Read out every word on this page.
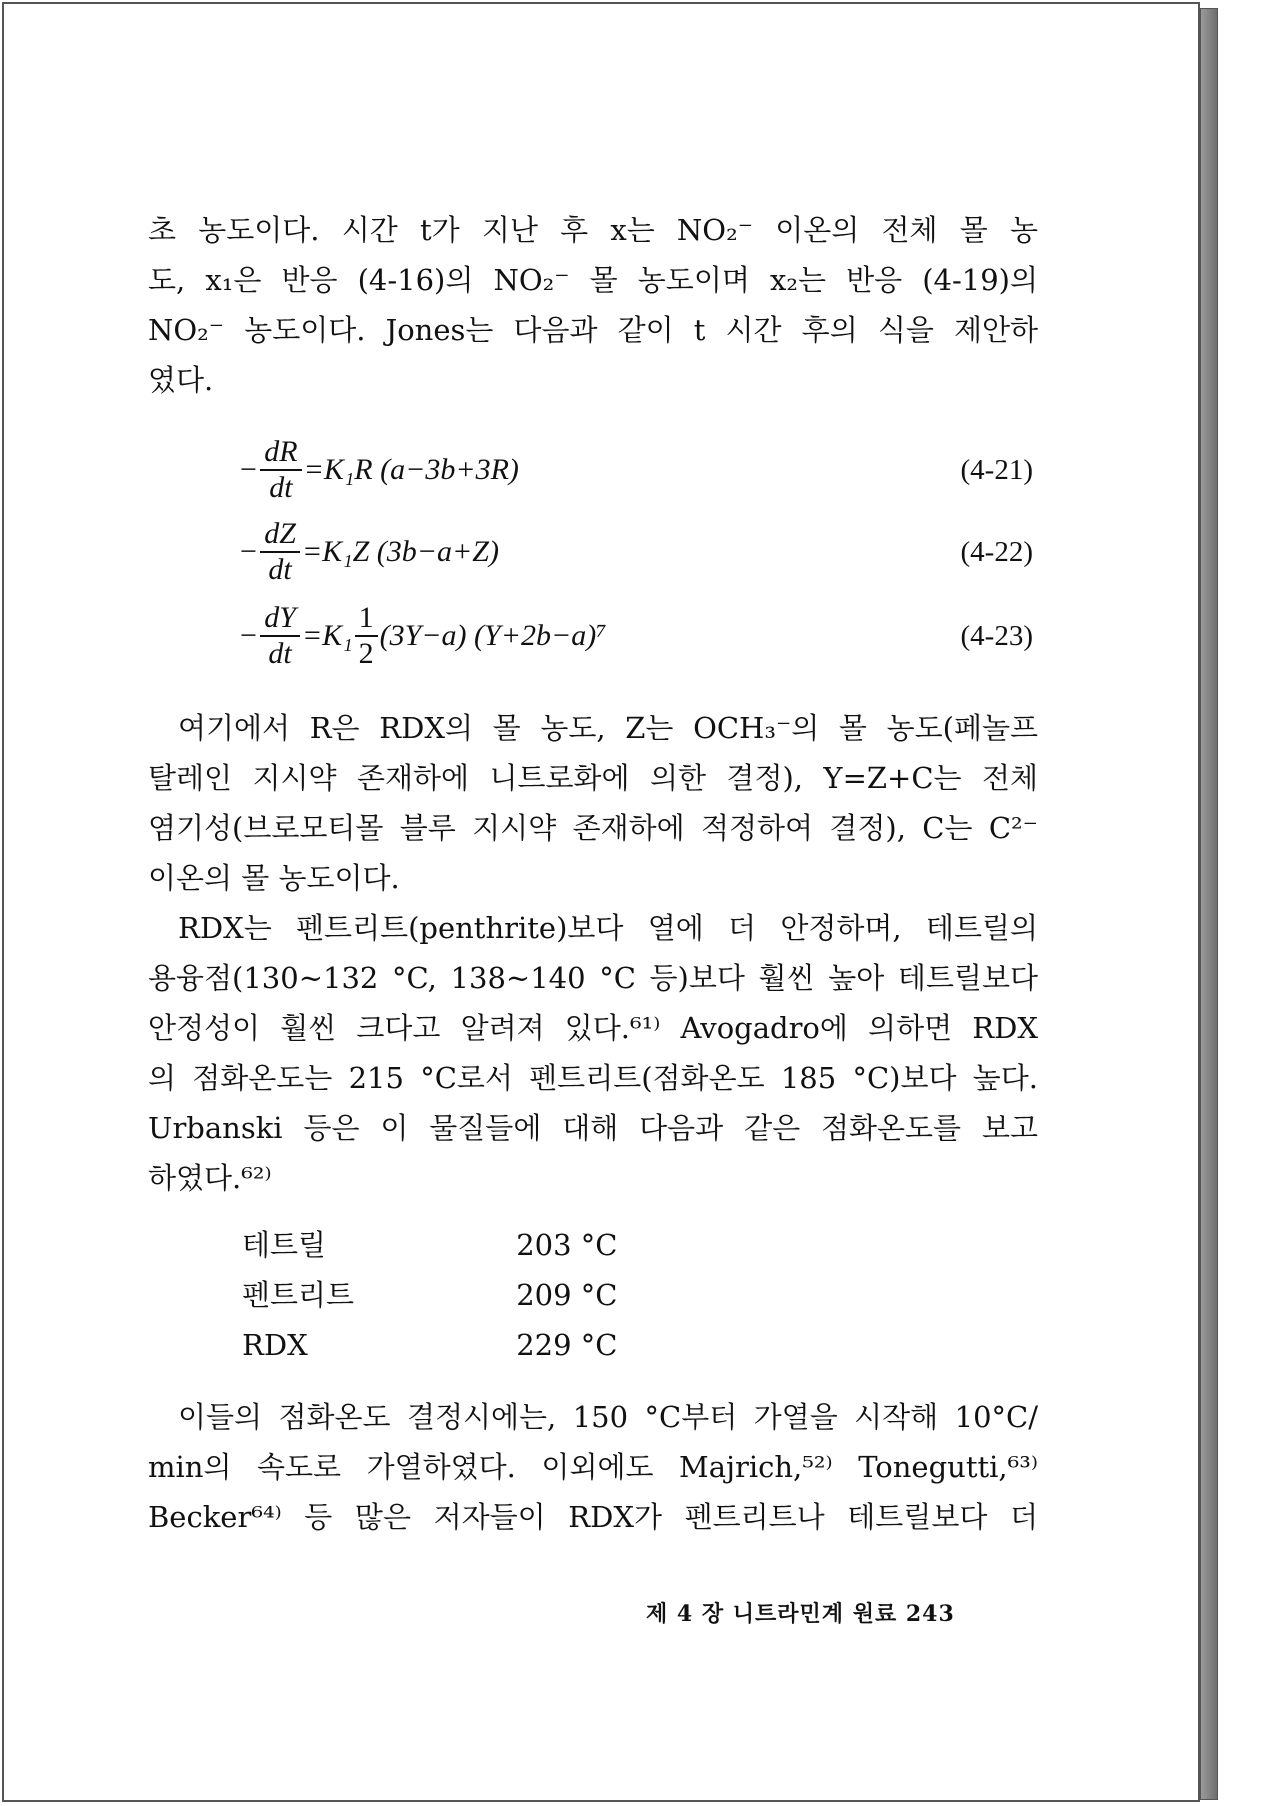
초 농도이다. 시간 t가 지난 후 x는 NO₂⁻ 이온의 전체 몰 농
도, x₁은 반응 (4-16)의 NO₂⁻ 몰 농도이며 x₂는 반응 (4-19)의
NO₂⁻ 농도이다. Jones는 다음과 같이 t 시간 후의 식을 제안하
였다.
− $\frac{dR}{dt} =K_1R$ (a−3b+3R)	(4-21)
− $\frac{dZ}{dt} =K_1Z$ (3b−a+Z)	(4-22)
− $\frac{dY}{dt} =K_1 \frac{1}{2} (3Y-a)$ (Y+2b−a)⁷	(4-23)
여기에서 R은 RDX의 몰 농도, Z는 OCH₃⁻의 몰 농도(페놀프
탈레인 지시약 존재하에 니트로화에 의한 결정), Y=Z+C는 전체
염기성(브로모티몰 블루 지시약 존재하에 적정하여 결정), C는 C²⁻
이온의 몰 농도이다.
RDX는 펜트리트(penthrite)보다 열에 더 안정하며, 테트릴의
용융점(130~132 °C, 138~140 °C 등)보다 훨씬 높아 테트릴보다
안정성이 훨씬 크다고 알려져 있다.⁶¹⁾ Avogadro에 의하면 RDX
의 점화온도는 215 °C로서 펜트리트(점화온도 185 °C)보다 높다.
Urbanski 등은 이 물질들에 대해 다음과 같은 점화온도를 보고
하였다.⁶²⁾
테트릴	203 °C
펜트리트	209 °C
RDX	229 °C
이들의 점화온도 결정시에는, 150 °C부터 가열을 시작해 10°C/
min의 속도로 가열하였다. 이외에도 Majrich,⁵²⁾ Tonegutti,⁶³⁾
Becker⁶⁴⁾ 등 많은 저자들이 RDX가 펜트리트나 테트릴보다 더
제 4 장 니트라민계 원료 243
